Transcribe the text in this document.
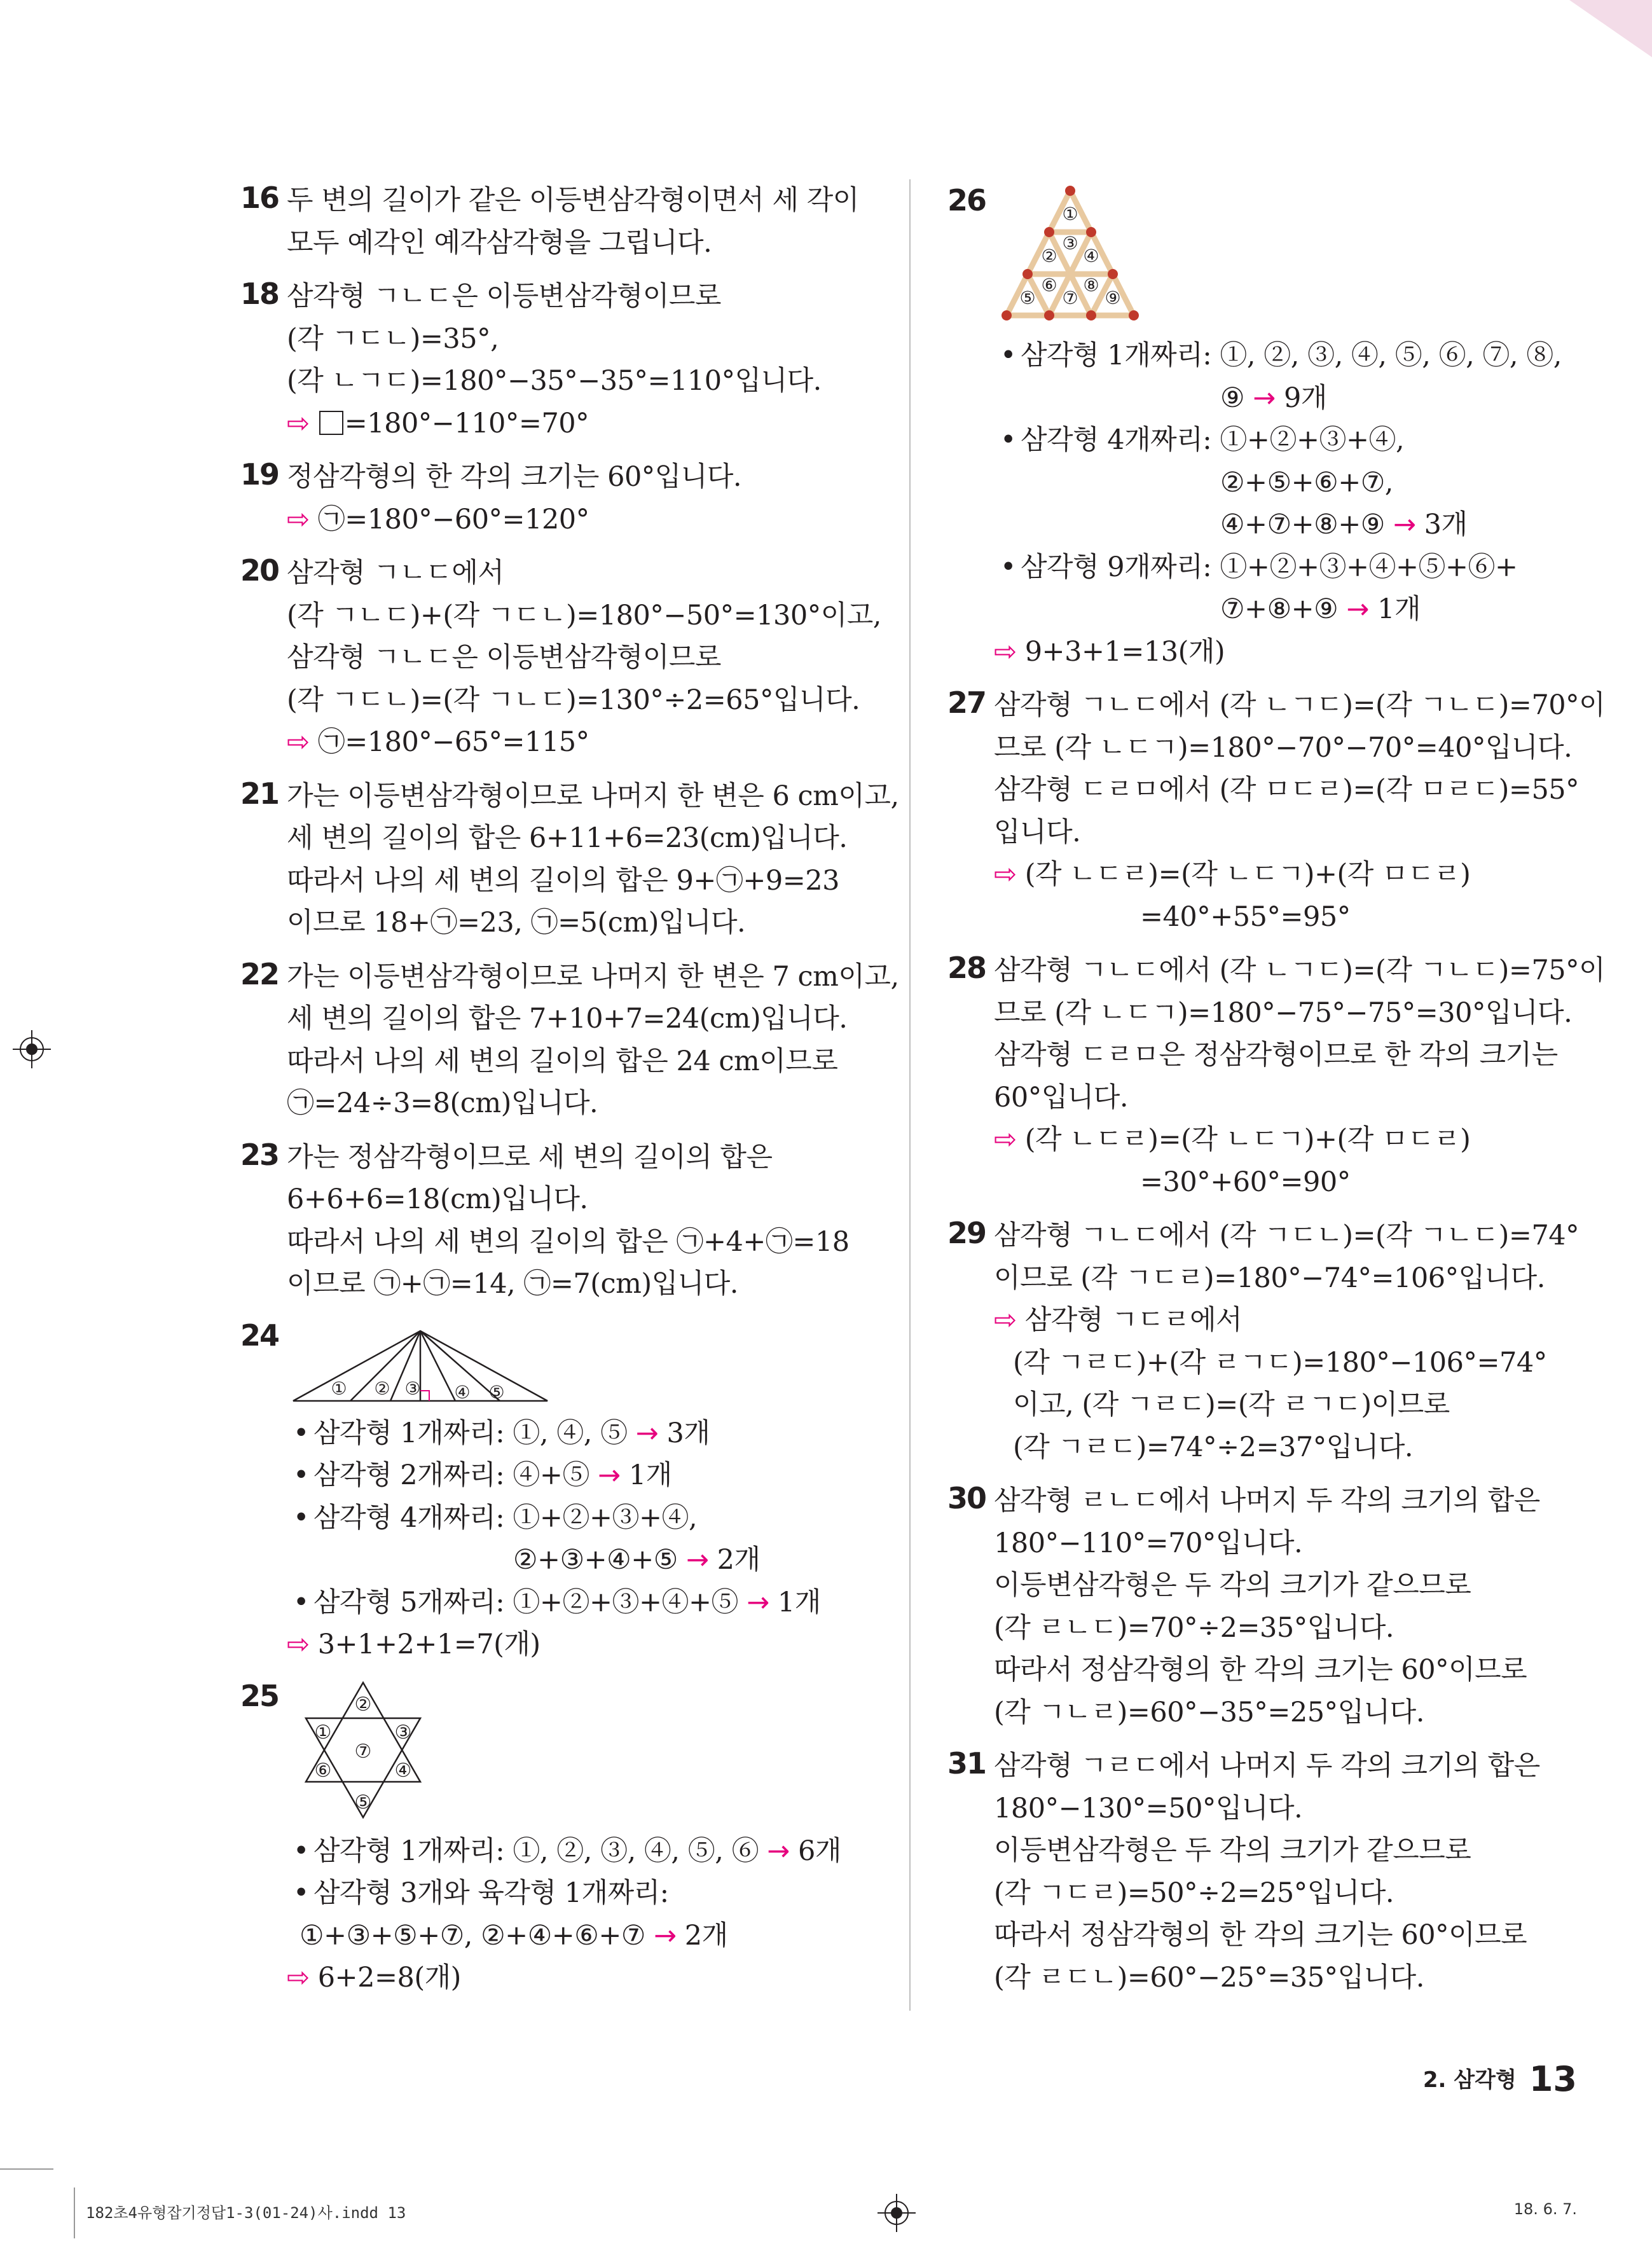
16 두 변의 길이가 같은 이등변삼각형이면서 세 각이
모두 예각인 예각삼각형을 그립니다.
18 삼각형 ㄱㄴㄷ은 이등변삼각형이므로
(각 ㄱㄷㄴ)=35°,
(각 ㄴㄱㄷ)=180°−35°−35°=110°입니다.
⇨ =180°−110°=70°
19 정삼각형의 한 각의 크기는 60°입니다.
⇨ ㉠=180°−60°=120°
20 삼각형 ㄱㄴㄷ에서
(각 ㄱㄴㄷ)+(각 ㄱㄷㄴ)=180°−50°=130°이고,
삼각형 ㄱㄴㄷ은 이등변삼각형이므로
(각 ㄱㄷㄴ)=(각 ㄱㄴㄷ)=130°÷2=65°입니다.
⇨ ㉠=180°−65°=115°
21 가는 이등변삼각형이므로 나머지 한 변은 6 cm이고,
세 변의 길이의 합은 6+11+6=23(cm)입니다.
따라서 나의 세 변의 길이의 합은 9+㉠+9=23
이므로 18+㉠=23, ㉠=5(cm)입니다.
22 가는 이등변삼각형이므로 나머지 한 변은 7 cm이고,
세 변의 길이의 합은 7+10+7=24(cm)입니다.
따라서 나의 세 변의 길이의 합은 24 cm이므로
㉠=24÷3=8(cm)입니다.
23 가는 정삼각형이므로 세 변의 길이의 합은
6+6+6=18(cm)입니다.
따라서 나의 세 변의 길이의 합은 ㉠+4+㉠=18
이므로 ㉠+㉠=14, ㉠=7(cm)입니다.
24
① ② ③ ④ ⑤
• 삼각형 1개짜리: ①, ④, ⑤ → 3개
• 삼각형 2개짜리: ④+⑤ → 1개
• 삼각형 4개짜리: ①+②+③+④,
②+③+④+⑤ → 2개
• 삼각형 5개짜리: ①+②+③+④+⑤ → 1개
⇨ 3+1+2+1=7(개)
25
①
②
③
④
⑤
⑥
⑦
• 삼각형 1개짜리: ①, ②, ③, ④, ⑤, ⑥ → 6개
• 삼각형 3개와 육각형 1개짜리:
①+③+⑤+⑦, ②+④+⑥+⑦ → 2개
⇨ 6+2=8(개)
26	①
②
③
④
⑤
⑥
⑦
⑧
⑨
• 삼각형 1개짜리: ①, ②, ③, ④, ⑤, ⑥, ⑦, ⑧,
⑨ → 9개
• 삼각형 4개짜리: ①+②+③+④,
②+⑤+⑥+⑦,
④+⑦+⑧+⑨ → 3개
• 삼각형 9개짜리: ①+②+③+④+⑤+⑥+
⑦+⑧+⑨ → 1개
⇨ 9+3+1=13(개)
27 삼각형 ㄱㄴㄷ에서 (각 ㄴㄱㄷ)=(각 ㄱㄴㄷ)=70°이
므로 (각 ㄴㄷㄱ)=180°−70°−70°=40°입니다.
삼각형 ㄷㄹㅁ에서 (각 ㅁㄷㄹ)=(각 ㅁㄹㄷ)=55°
입니다.
⇨ (각 ㄴㄷㄹ)=(각 ㄴㄷㄱ)+(각 ㅁㄷㄹ)
=40°+55°=95°
28 삼각형 ㄱㄴㄷ에서 (각 ㄴㄱㄷ)=(각 ㄱㄴㄷ)=75°이
므로 (각 ㄴㄷㄱ)=180°−75°−75°=30°입니다.
삼각형 ㄷㄹㅁ은 정삼각형이므로 한 각의 크기는
60°입니다.
⇨ (각 ㄴㄷㄹ)=(각 ㄴㄷㄱ)+(각 ㅁㄷㄹ)
=30°+60°=90°
29 삼각형 ㄱㄴㄷ에서 (각 ㄱㄷㄴ)=(각 ㄱㄴㄷ)=74°
이므로 (각 ㄱㄷㄹ)=180°−74°=106°입니다.
⇨ 삼각형 ㄱㄷㄹ에서
(각 ㄱㄹㄷ)+(각 ㄹㄱㄷ)=180°−106°=74°
이고, (각 ㄱㄹㄷ)=(각 ㄹㄱㄷ)이므로
(각 ㄱㄹㄷ)=74°÷2=37°입니다.
30 삼각형 ㄹㄴㄷ에서 나머지 두 각의 크기의 합은
180°−110°=70°입니다.
이등변삼각형은 두 각의 크기가 같으므로
(각 ㄹㄴㄷ)=70°÷2=35°입니다.
따라서 정삼각형의 한 각의 크기는 60°이므로
(각 ㄱㄴㄹ)=60°−35°=25°입니다.
31 삼각형 ㄱㄹㄷ에서 나머지 두 각의 크기의 합은
180°−130°=50°입니다.
이등변삼각형은 두 각의 크기가 같으므로
(각 ㄱㄷㄹ)=50°÷2=25°입니다.
따라서 정삼각형의 한 각의 크기는 60°이므로
(각 ㄹㄷㄴ)=60°−25°=35°입니다.
2. 삼각형 13
182초4유형잡기정답1-3(01-24)사.indd 13	18. 6. 7.
